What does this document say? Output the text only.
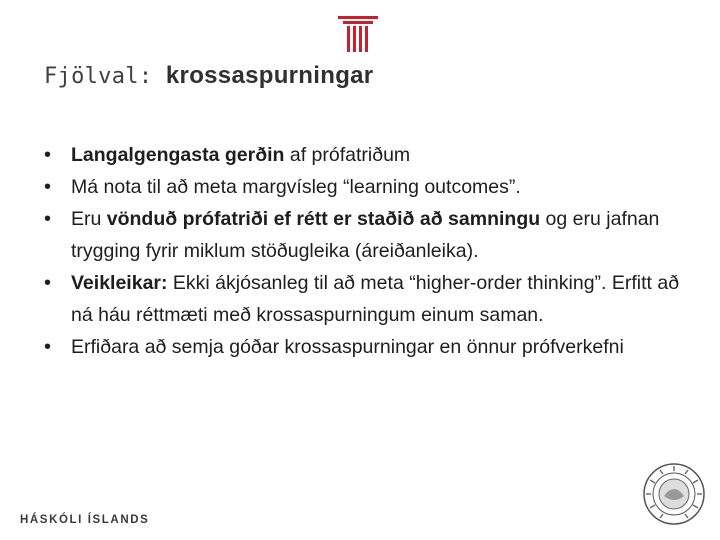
Fjölval: krossaspurningar
• Langalgengasta gerðin af prófatriðum
• Má nota til að meta margvísleg “learning outcomes”.
• Eru vönduð prófatriði ef rétt er staðið að samningu og eru jafnan trygging fyrir miklum stöðugleika (áreiðanleika).
• Veikleikar: Ekki ákjósanleg til að meta “higher-order thinking”. Erfitt að ná háu réttmæti með krossaspurningum einum saman.
• Erfiðara að semja góðar krossaspurningar en önnur prófverkefni
HÁSKÓLI ÍSLANDS
